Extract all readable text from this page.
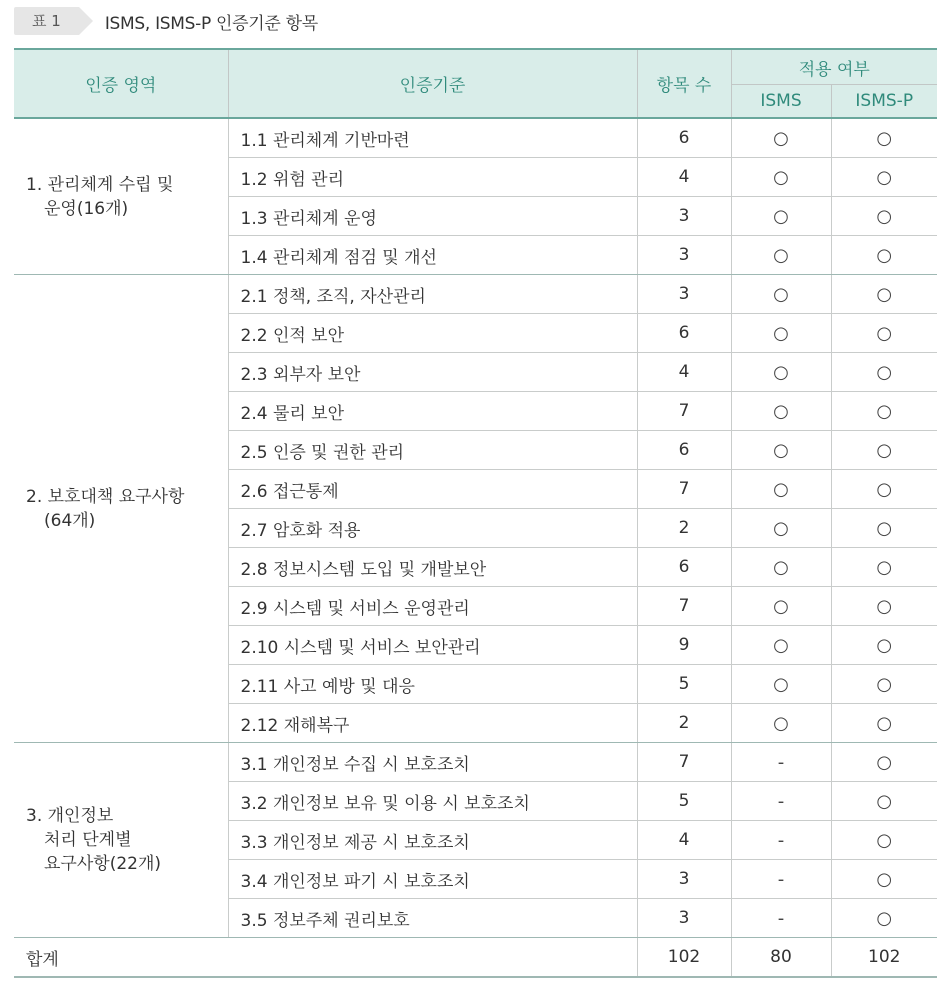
표 1	ISMS, ISMS-P 인증기준 항목
인증 영역	인증기준	항목 수	적용 여부	
			ISMS	ISMS-P

1. 관리체계 수립 및
운영(16개)	1.1 관리체계 기반마련	6	○	○
	1.2 위험 관리	4	○	○
	1.3 관리체계 운영	3	○	○
	1.4 관리체계 점검 및 개선	3	○	○

2. 보호대책 요구사항
(64개)	2.1 정책, 조직, 자산관리	3	○	○
	2.2 인적 보안	6	○	○
	2.3 외부자 보안	4	○	○
	2.4 물리 보안	7	○	○
	2.5 인증 및 권한 관리	6	○	○
	2.6 접근통제	7	○	○
	2.7 암호화 적용	2	○	○
	2.8 정보시스템 도입 및 개발보안	6	○	○
	2.9 시스템 및 서비스 운영관리	7	○	○
	2.10 시스템 및 서비스 보안관리	9	○	○
	2.11 사고 예방 및 대응	5	○	○
	2.12 재해복구	2	○	○

3. 개인정보
처리 단계별
요구사항(22개)	3.1 개인정보 수집 시 보호조치	7	-	○
	3.2 개인정보 보유 및 이용 시 보호조치	5	-	○
	3.3 개인정보 제공 시 보호조치	4	-	○
	3.4 개인정보 파기 시 보호조치	3	-	○
	3.5 정보주체 권리보호	3	-	○
합계		102	80	102
